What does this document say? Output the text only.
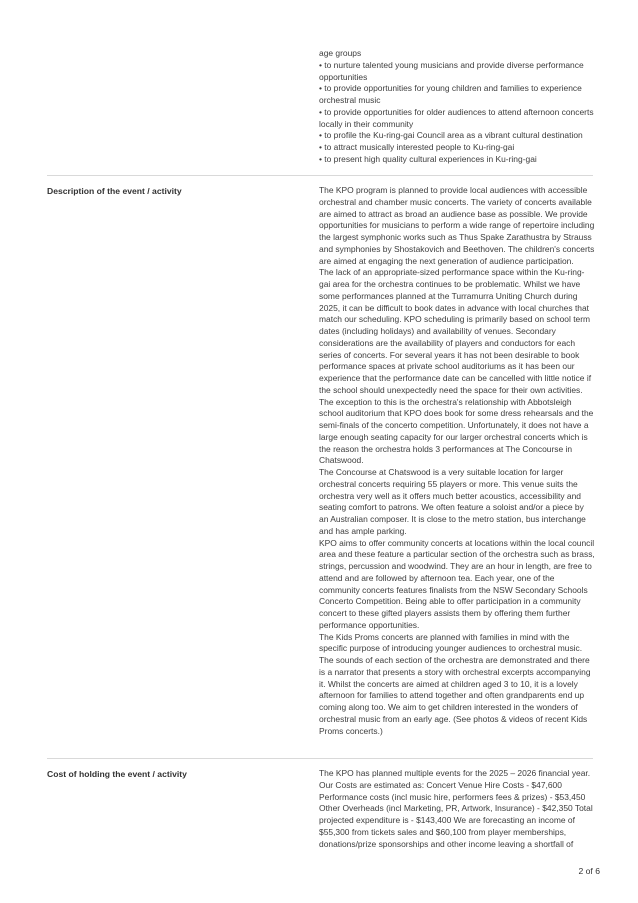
age groups

• to nurture talented young musicians and provide diverse performance opportunities

• to provide opportunities for young children and families to experience orchestral music

• to provide opportunities for older audiences to attend afternoon concerts locally in their community

• to profile the Ku-ring-gai Council area as a vibrant cultural destination

• to attract musically interested people to Ku-ring-gai

• to present high quality cultural experiences in Ku-ring-gai

Description of the event / activity	The KPO program is planned to provide local audiences with accessible orchestral and chamber music concerts. The variety of concerts available are aimed to attract as broad an audience base as possible. We provide opportunities for musicians to perform a wide range of repertoire including the largest symphonic works such as Thus Spake Zarathustra by Strauss and symphonies by Shostakovich and Beethoven. The children's concerts are aimed at engaging the next generation of audience participation.

The lack of an appropriate-sized performance space within the Ku-ring-gai area for the orchestra continues to be problematic. Whilst we have some performances planned at the Turramurra Uniting Church during 2025, it can be difficult to book dates in advance with local churches that match our scheduling. KPO scheduling is primarily based on school term dates (including holidays) and availability of venues. Secondary considerations are the availability of players and conductors for each series of concerts. For several years it has not been desirable to book performance spaces at private school auditoriums as it has been our experience that the performance date can be cancelled with little notice if the school should unexpectedly need the space for their own activities. The exception to this is the orchestra's relationship with Abbotsleigh school auditorium that KPO does book for some dress rehearsals and the semi-finals of the concerto competition. Unfortunately, it does not have a large enough seating capacity for our larger orchestral concerts which is the reason the orchestra holds 3 performances at The Concourse in Chatswood.

The Concourse at Chatswood is a very suitable location for larger orchestral concerts requiring 55 players or more. This venue suits the orchestra very well as it offers much better acoustics, accessibility and seating comfort to patrons. We often feature a soloist and/or a piece by an Australian composer. It is close to the metro station, bus interchange and has ample parking.

KPO aims to offer community concerts at locations within the local council area and these feature a particular section of the orchestra such as brass, strings, percussion and woodwind. They are an hour in length, are free to attend and are followed by afternoon tea. Each year, one of the community concerts features finalists from the NSW Secondary Schools Concerto Competition. Being able to offer participation in a community concert to these gifted players assists them by offering them further performance opportunities.

The Kids Proms concerts are planned with families in mind with the specific purpose of introducing younger audiences to orchestral music. The sounds of each section of the orchestra are demonstrated and there is a narrator that presents a story with orchestral excerpts accompanying it. Whilst the concerts are aimed at children aged 3 to 10, it is a lovely afternoon for families to attend together and often grandparents end up coming along too. We aim to get children interested in the wonders of orchestral music from an early age. (See photos & videos of recent Kids Proms concerts.)

Cost of holding the event / activity	The KPO has planned multiple events for the 2025 – 2026 financial year. Our Costs are estimated as: Concert Venue Hire Costs - $47,600 Performance costs (incl music hire, performers fees & prizes) - $53,450 Other Overheads (incl Marketing, PR, Artwork, Insurance) - $42,350 Total projected expenditure is - $143,400 We are forecasting an income of $55,300 from tickets sales and $60,100 from player memberships, donations/prize sponsorships and other income leaving a shortfall of

2 of 6
